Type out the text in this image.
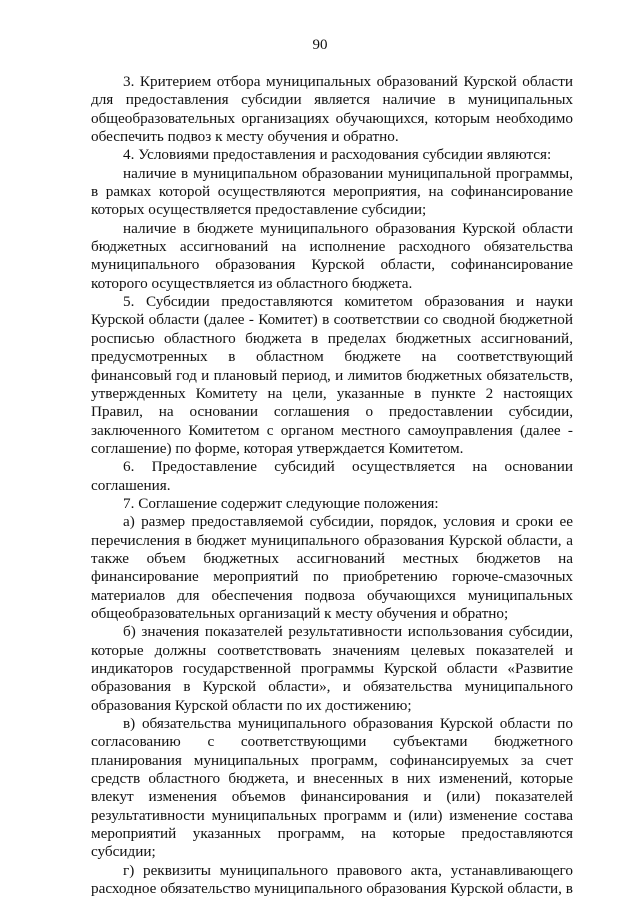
90

3. Критерием отбора муниципальных образований Курской области для предоставления субсидии является наличие в муниципальных общеобразовательных организациях обучающихся, которым необходимо обеспечить подвоз к месту обучения и обратно.

4. Условиями предоставления и расходования субсидии являются:

наличие в муниципальном образовании муниципальной программы, в рамках которой осуществляются мероприятия, на софинансирование которых осуществляется предоставление субсидии;

наличие в бюджете муниципального образования Курской области бюджетных ассигнований на исполнение расходного обязательства муниципального образования Курской области, софинансирование которого осуществляется из областного бюджета.

5. Субсидии предоставляются комитетом образования и науки Курской области (далее - Комитет) в соответствии со сводной бюджетной росписью областного бюджета в пределах бюджетных ассигнований, предусмотренных в областном бюджете на соответствующий финансовый год и плановый период, и лимитов бюджетных обязательств, утвержденных Комитету на цели, указанные в пункте 2 настоящих Правил, на основании соглашения о предоставлении субсидии, заключенного Комитетом с органом местного самоуправления (далее - соглашение) по форме, которая утверждается Комитетом.

6. Предоставление субсидий осуществляется на основании соглашения.

7. Соглашение содержит следующие положения:

а) размер предоставляемой субсидии, порядок, условия и сроки ее перечисления в бюджет муниципального образования Курской области, а также объем бюджетных ассигнований местных бюджетов на финансирование мероприятий по приобретению горюче-смазочных материалов для обеспечения подвоза обучающихся муниципальных общеобразовательных организаций к месту обучения и обратно;

б) значения показателей результативности использования субсидии, которые должны соответствовать значениям целевых показателей и индикаторов государственной программы Курской области «Развитие образования в Курской области», и обязательства муниципального образования Курской области по их достижению;

в) обязательства муниципального образования Курской области по согласованию с соответствующими субъектами бюджетного планирования муниципальных программ, софинансируемых за счет средств областного бюджета, и внесенных в них изменений, которые влекут изменения объемов финансирования и (или) показателей результативности муниципальных программ и (или) изменение состава мероприятий указанных программ, на которые предоставляются субсидии;

г) реквизиты муниципального правового акта, устанавливающего расходное обязательство муниципального образования Курской области, в
